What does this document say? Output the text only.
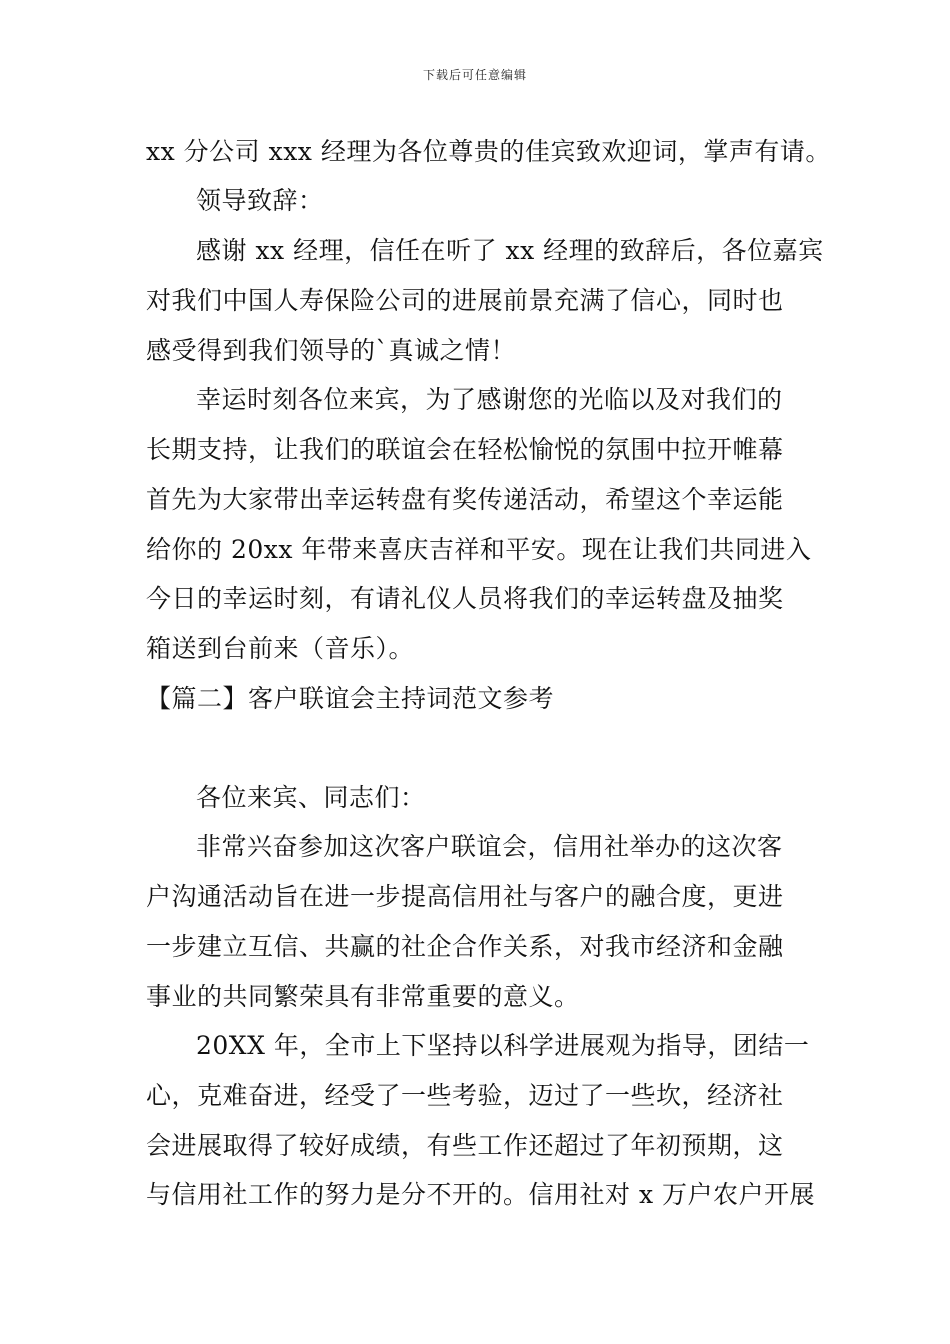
下载后可任意编辑
xx 分公司 xxx 经理为各位尊贵的佳宾致欢迎词，掌声有请。
领导致辞：
感谢 xx 经理，信任在听了 xx 经理的致辞后，各位嘉宾
对我们中国人寿保险公司的进展前景充满了信心，同时也
感受得到我们领导的`真诚之情！
幸运时刻各位来宾，为了感谢您的光临以及对我们的
长期支持，让我们的联谊会在轻松愉悦的氛围中拉开帷幕
首先为大家带出幸运转盘有奖传递活动，希望这个幸运能
给你的 20xx 年带来喜庆吉祥和平安。现在让我们共同进入
今日的幸运时刻，有请礼仪人员将我们的幸运转盘及抽奖
箱送到台前来（音乐）。
【篇二】客户联谊会主持词范文参考
各位来宾、同志们：
非常兴奋参加这次客户联谊会，信用社举办的这次客
户沟通活动旨在进一步提高信用社与客户的融合度，更进
一步建立互信、共赢的社企合作关系，对我市经济和金融
事业的共同繁荣具有非常重要的意义。
20XX 年，全市上下坚持以科学进展观为指导，团结一
心，克难奋进，经受了一些考验，迈过了一些坎，经济社
会进展取得了较好成绩，有些工作还超过了年初预期，这
与信用社工作的努力是分不开的。信用社对 x 万户农户开展
